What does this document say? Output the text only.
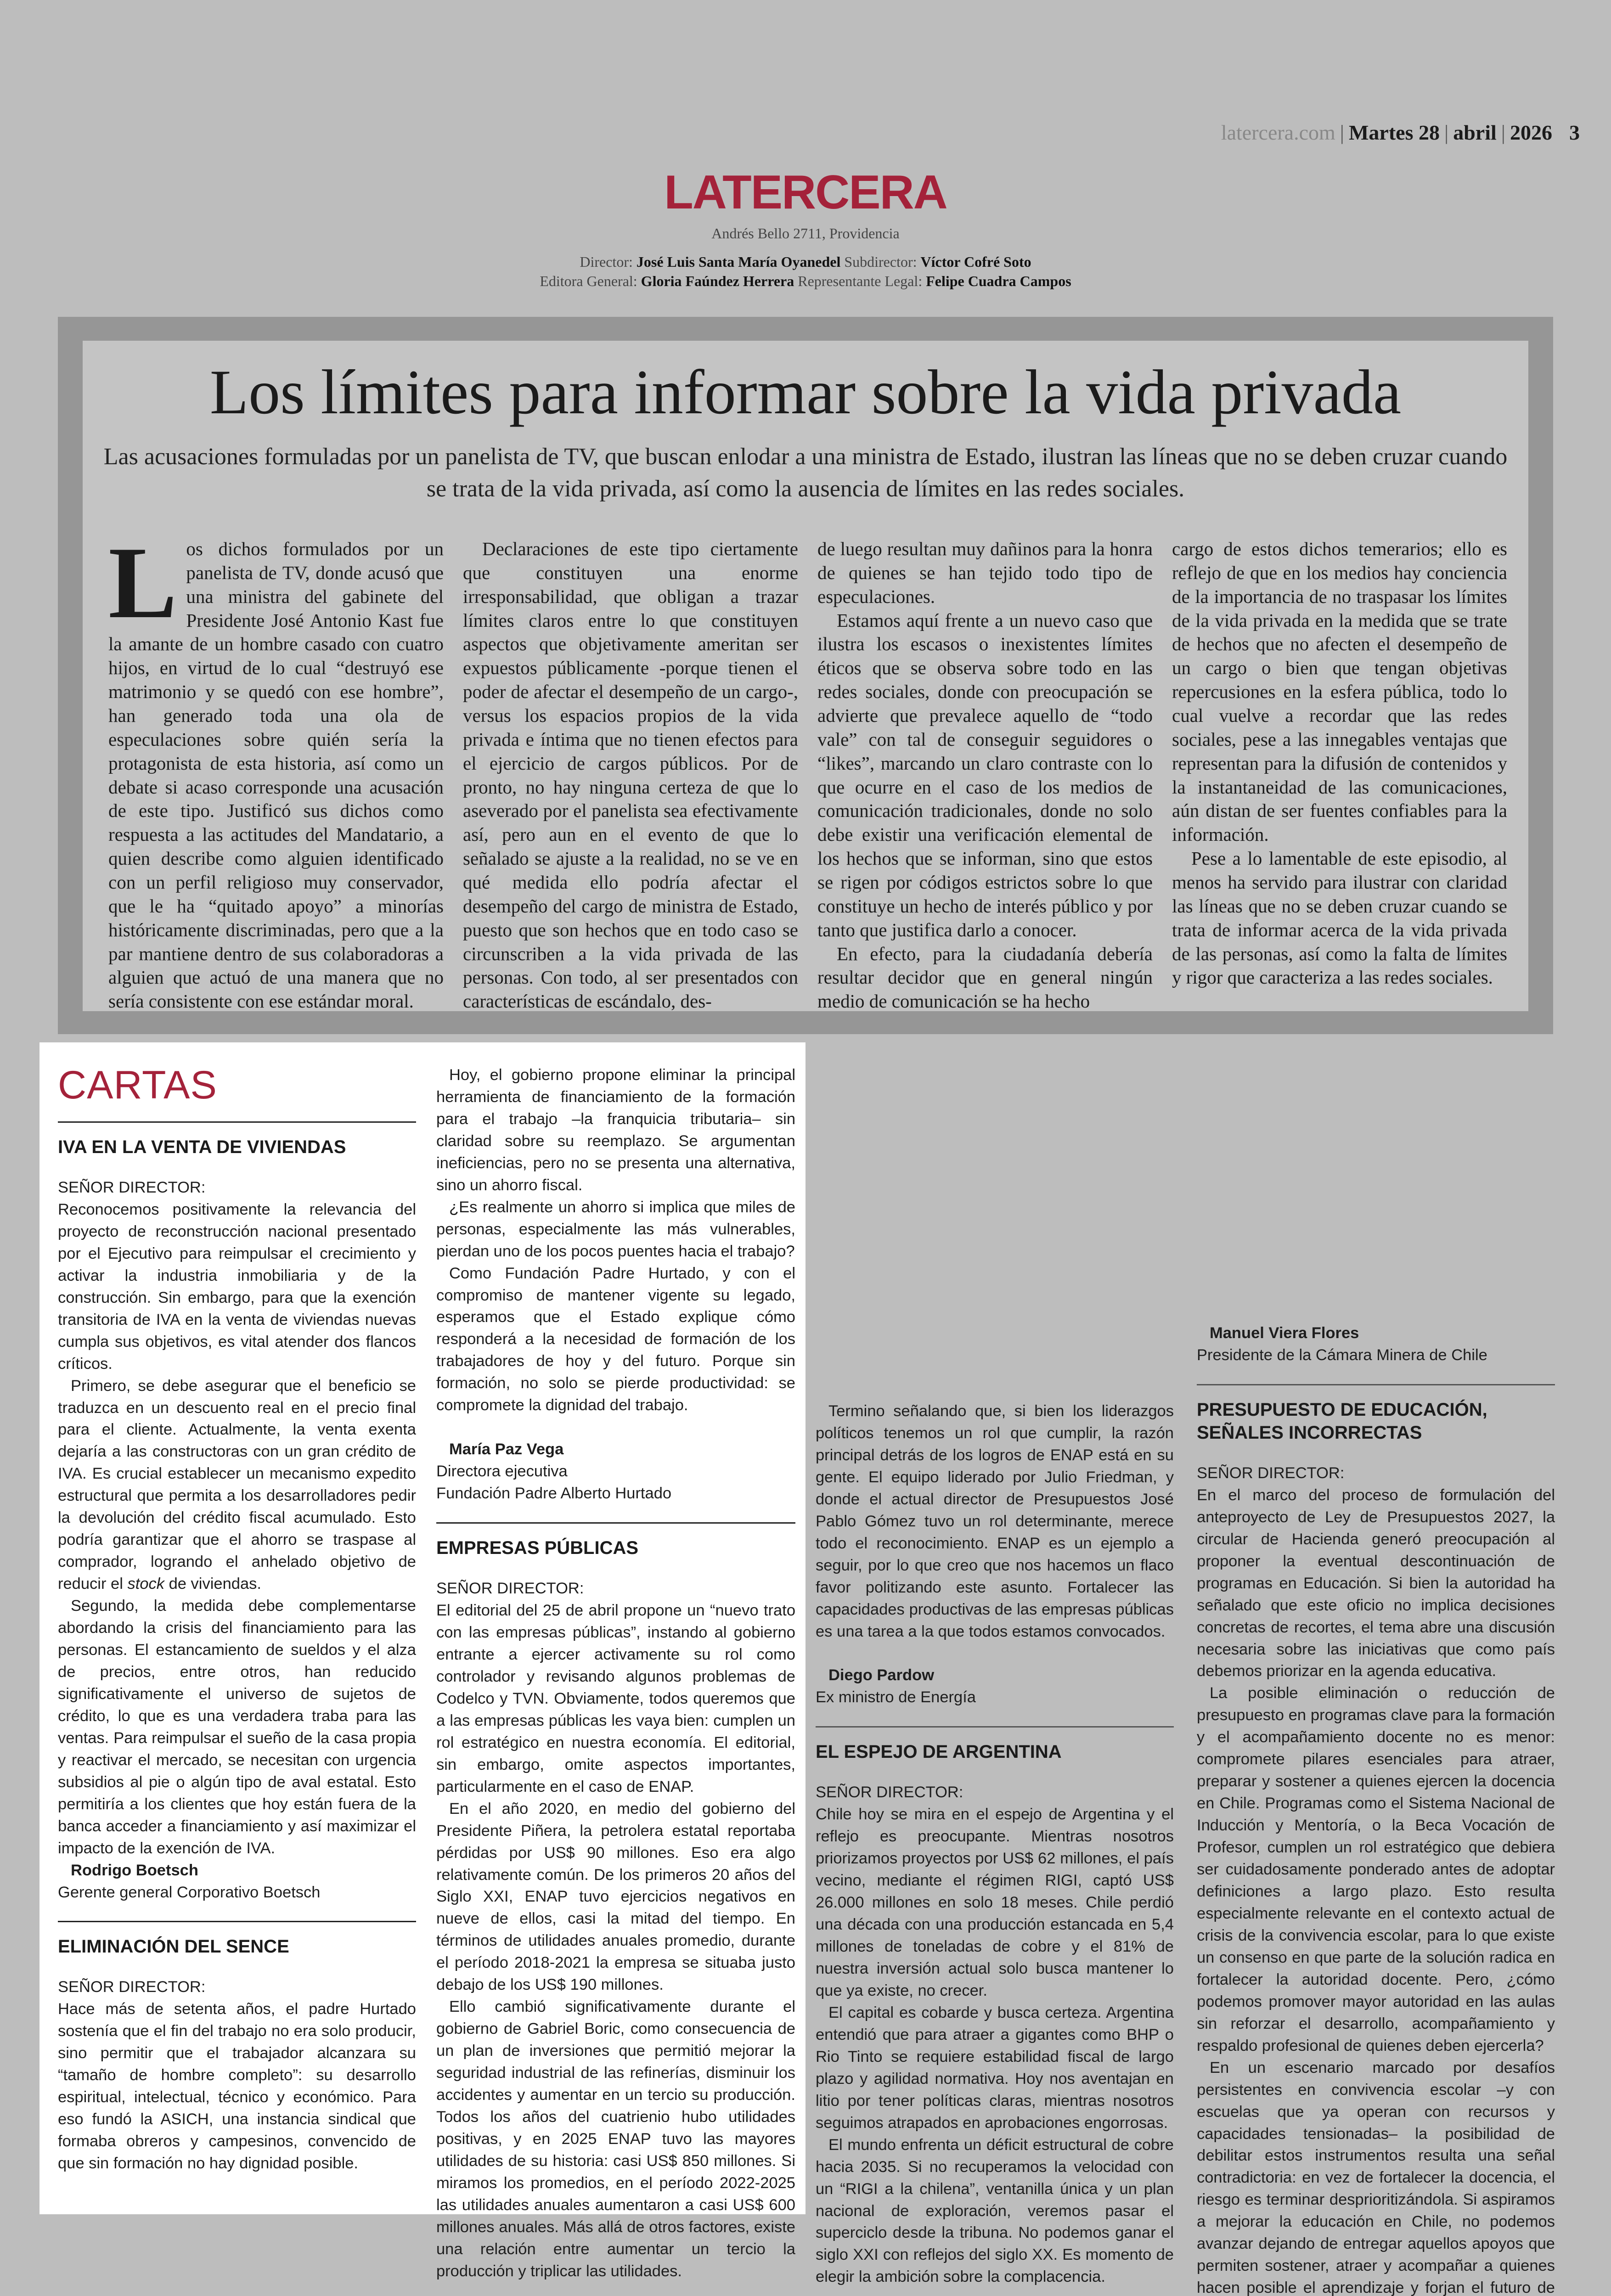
latercera.com | Martes 28 | abril | 2026 3
LATERCERA
Andrés Bello 2711, Providencia
Director: José Luis Santa María Oyanedel Subdirector: Víctor Cofré Soto
Editora General: Gloria Faúndez Herrera Representante Legal: Felipe Cuadra Campos
Los límites para informar sobre la vida privada
Las acusaciones formuladas por un panelista de TV, que buscan enlodar a una ministra de Estado, ilustran las líneas que no se deben cruzar cuando se trata de la vida privada, así como la ausencia de límites en las redes sociales.

Los dichos formulados por un panelista de TV, donde acusó que una ministra del gabinete del Presidente José Antonio Kast fue la amante de un hombre casado con cuatro hijos, en virtud de lo cual “destruyó ese matrimonio y se quedó con ese hombre”, han generado toda una ola de especulaciones sobre quién sería la protagonista de esta historia, así como un debate si acaso corresponde una acusación de este tipo. Justificó sus dichos como respuesta a las actitudes del Mandatario, a quien describe como alguien identificado con un perfil religioso muy conservador, que le ha “quitado apoyo” a minorías históricamente discriminadas, pero que a la par mantiene dentro de sus colaboradoras a alguien que actuó de una manera que no sería consistente con ese estándar moral.

Declaraciones de este tipo ciertamente que constituyen una enorme irresponsabilidad, que obligan a trazar límites claros entre lo que constituyen aspectos que objetivamente ameritan ser expuestos públicamente -porque tienen el poder de afectar el desempeño de un cargo-, versus los espacios propios de la vida privada e íntima que no tienen efectos para el ejercicio de cargos públicos. Por de pronto, no hay ninguna certeza de que lo aseverado por el panelista sea efectivamente así, pero aun en el evento de que lo señalado se ajuste a la realidad, no se ve en qué medida ello podría afectar el desempeño del cargo de ministra de Estado, puesto que son hechos que en todo caso se circunscriben a la vida privada de las personas. Con todo, al ser presentados con características de escándalo, des-

de luego resultan muy dañinos para la honra de quienes se han tejido todo tipo de especulaciones.

Estamos aquí frente a un nuevo caso que ilustra los escasos o inexistentes límites éticos que se observa sobre todo en las redes sociales, donde con preocupación se advierte que prevalece aquello de “todo vale” con tal de conseguir seguidores o “likes”, marcando un claro contraste con lo que ocurre en el caso de los medios de comunicación tradicionales, donde no solo debe existir una verificación elemental de los hechos que se informan, sino que estos se rigen por códigos estrictos sobre lo que constituye un hecho de interés público y por tanto que justifica darlo a conocer.

En efecto, para la ciudadanía debería resultar decidor que en general ningún medio de comunicación se ha hecho

cargo de estos dichos temerarios; ello es reflejo de que en los medios hay conciencia de la importancia de no traspasar los límites de la vida privada en la medida que se trate de hechos que no afecten el desempeño de un cargo o bien que tengan objetivas repercusiones en la esfera pública, todo lo cual vuelve a recordar que las redes sociales, pese a las innegables ventajas que representan para la difusión de contenidos y la instantaneidad de las comunicaciones, aún distan de ser fuentes confiables para la información.

Pese a lo lamentable de este episodio, al menos ha servido para ilustrar con claridad las líneas que no se deben cruzar cuando se trata de informar acerca de la vida privada de las personas, así como la falta de límites y rigor que caracteriza a las redes sociales.

CARTAS
IVA EN LA VENTA DE VIVIENDAS

SEÑOR DIRECTOR:

Reconocemos positivamente la relevancia del proyecto de reconstrucción nacional presentado por el Ejecutivo para reimpulsar el crecimiento y activar la industria inmobiliaria y de la construcción. Sin embargo, para que la exención transitoria de IVA en la venta de viviendas nuevas cumpla sus objetivos, es vital atender dos flancos críticos.

Primero, se debe asegurar que el beneficio se traduzca en un descuento real en el precio final para el cliente. Actualmente, la venta exenta dejaría a las constructoras con un gran crédito de IVA. Es crucial establecer un mecanismo expedito estructural que permita a los desarrolladores pedir la devolución del crédito fiscal acumulado. Esto podría garantizar que el ahorro se traspase al comprador, logrando el anhelado objetivo de reducir el stock de viviendas.

Segundo, la medida debe complementarse abordando la crisis del financiamiento para las personas. El estancamiento de sueldos y el alza de precios, entre otros, han reducido significativamente el universo de sujetos de crédito, lo que es una verdadera traba para las ventas. Para reimpulsar el sueño de la casa propia y reactivar el mercado, se necesitan con urgencia subsidios al pie o algún tipo de aval estatal. Esto permitiría a los clientes que hoy están fuera de la banca acceder a financiamiento y así maximizar el impacto de la exención de IVA.

Rodrigo Boetsch

Gerente general Corporativo Boetsch

ELIMINACIÓN DEL SENCE

SEÑOR DIRECTOR:

Hace más de setenta años, el padre Hurtado sostenía que el fin del trabajo no era solo producir, sino permitir que el trabajador alcanzara su “tamaño de hombre completo”: su desarrollo espiritual, intelectual, técnico y económico. Para eso fundó la ASICH, una instancia sindical que formaba obreros y campesinos, convencido de que sin formación no hay dignidad posible.

Hoy, el gobierno propone eliminar la principal herramienta de financiamiento de la formación para el trabajo –la franquicia tributaria– sin claridad sobre su reemplazo. Se argumentan ineficiencias, pero no se presenta una alternativa, sino un ahorro fiscal.

¿Es realmente un ahorro si implica que miles de personas, especialmente las más vulnerables, pierdan uno de los pocos puentes hacia el trabajo?

Como Fundación Padre Hurtado, y con el compromiso de mantener vigente su legado, esperamos que el Estado explique cómo responderá a la necesidad de formación de los trabajadores de hoy y del futuro. Porque sin formación, no solo se pierde productividad: se compromete la dignidad del trabajo.

María Paz Vega

Directora ejecutiva

Fundación Padre Alberto Hurtado

EMPRESAS PÚBLICAS

SEÑOR DIRECTOR:

El editorial del 25 de abril propone un “nuevo trato con las empresas públicas”, instando al gobierno entrante a ejercer activamente su rol como controlador y revisando algunos problemas de Codelco y TVN. Obviamente, todos queremos que a las empresas públicas les vaya bien: cumplen un rol estratégico en nuestra economía. El editorial, sin embargo, omite aspectos importantes, particularmente en el caso de ENAP.

En el año 2020, en medio del gobierno del Presidente Piñera, la petrolera estatal reportaba pérdidas por US$ 90 millones. Eso era algo relativamente común. De los primeros 20 años del Siglo XXI, ENAP tuvo ejercicios negativos en nueve de ellos, casi la mitad del tiempo. En términos de utilidades anuales promedio, durante el período 2018-2021 la empresa se situaba justo debajo de los US$ 190 millones.

Ello cambió significativamente durante el gobierno de Gabriel Boric, como consecuencia de un plan de inversiones que permitió mejorar la seguridad industrial de las refinerías, disminuir los accidentes y aumentar en un tercio su producción. Todos los años del cuatrienio hubo utilidades positivas, y en 2025 ENAP tuvo las mayores utilidades de su historia: casi US$ 850 millones. Si miramos los promedios, en el período 2022-2025 las utilidades anuales aumentaron a casi US$ 600 millones anuales. Más allá de otros factores, existe una relación entre aumentar un tercio la producción y triplicar las utilidades.

Termino señalando que, si bien los liderazgos políticos tenemos un rol que cumplir, la razón principal detrás de los logros de ENAP está en su gente. El equipo liderado por Julio Friedman, y donde el actual director de Presupuestos José Pablo Gómez tuvo un rol determinante, merece todo el reconocimiento. ENAP es un ejemplo a seguir, por lo que creo que nos hacemos un flaco favor politizando este asunto. Fortalecer las capacidades productivas de las empresas públicas es una tarea a la que todos estamos convocados.

Diego Pardow

Ex ministro de Energía

EL ESPEJO DE ARGENTINA

SEÑOR DIRECTOR:

Chile hoy se mira en el espejo de Argentina y el reflejo es preocupante. Mientras nosotros priorizamos proyectos por US$ 62 millones, el país vecino, mediante el régimen RIGI, captó US$ 26.000 millones en solo 18 meses. Chile perdió una década con una producción estancada en 5,4 millones de toneladas de cobre y el 81% de nuestra inversión actual solo busca mantener lo que ya existe, no crecer.

El capital es cobarde y busca certeza. Argentina entendió que para atraer a gigantes como BHP o Rio Tinto se requiere estabilidad fiscal de largo plazo y agilidad normativa. Hoy nos aventajan en litio por tener políticas claras, mientras nosotros seguimos atrapados en aprobaciones engorrosas.

El mundo enfrenta un déficit estructural de cobre hacia 2035. Si no recuperamos la velocidad con un “RIGI a la chilena”, ventanilla única y un plan nacional de exploración, veremos pasar el superciclo desde la tribuna. No podemos ganar el siglo XXI con reflejos del siglo XX. Es momento de elegir la ambición sobre la complacencia.

Manuel Viera Flores

Presidente de la Cámara Minera de Chile

PRESUPUESTO DE EDUCACIÓN, SEÑALES INCORRECTAS

SEÑOR DIRECTOR:

En el marco del proceso de formulación del anteproyecto de Ley de Presupuestos 2027, la circular de Hacienda generó preocupación al proponer la eventual descontinuación de programas en Educación. Si bien la autoridad ha señalado que este oficio no implica decisiones concretas de recortes, el tema abre una discusión necesaria sobre las iniciativas que como país debemos priorizar en la agenda educativa.

La posible eliminación o reducción de presupuesto en programas clave para la formación y el acompañamiento docente no es menor: compromete pilares esenciales para atraer, preparar y sostener a quienes ejercen la docencia en Chile. Programas como el Sistema Nacional de Inducción y Mentoría, o la Beca Vocación de Profesor, cumplen un rol estratégico que debiera ser cuidadosamente ponderado antes de adoptar definiciones a largo plazo. Esto resulta especialmente relevante en el contexto actual de crisis de la convivencia escolar, para lo que existe un consenso en que parte de la solución radica en fortalecer la autoridad docente. Pero, ¿cómo podemos promover mayor autoridad en las aulas sin reforzar el desarrollo, acompañamiento y respaldo profesional de quienes deben ejercerla?

En un escenario marcado por desafíos persistentes en convivencia escolar –y con escuelas que ya operan con recursos y capacidades tensionadas– la posibilidad de debilitar estos instrumentos resulta una señal contradictoria: en vez de fortalecer la docencia, el riesgo es terminar desprioritizándola. Si aspiramos a mejorar la educación en Chile, no podemos avanzar dejando de entregar aquellos apoyos que permiten sostener, atraer y acompañar a quienes hacen posible el aprendizaje y forjan el futuro de
